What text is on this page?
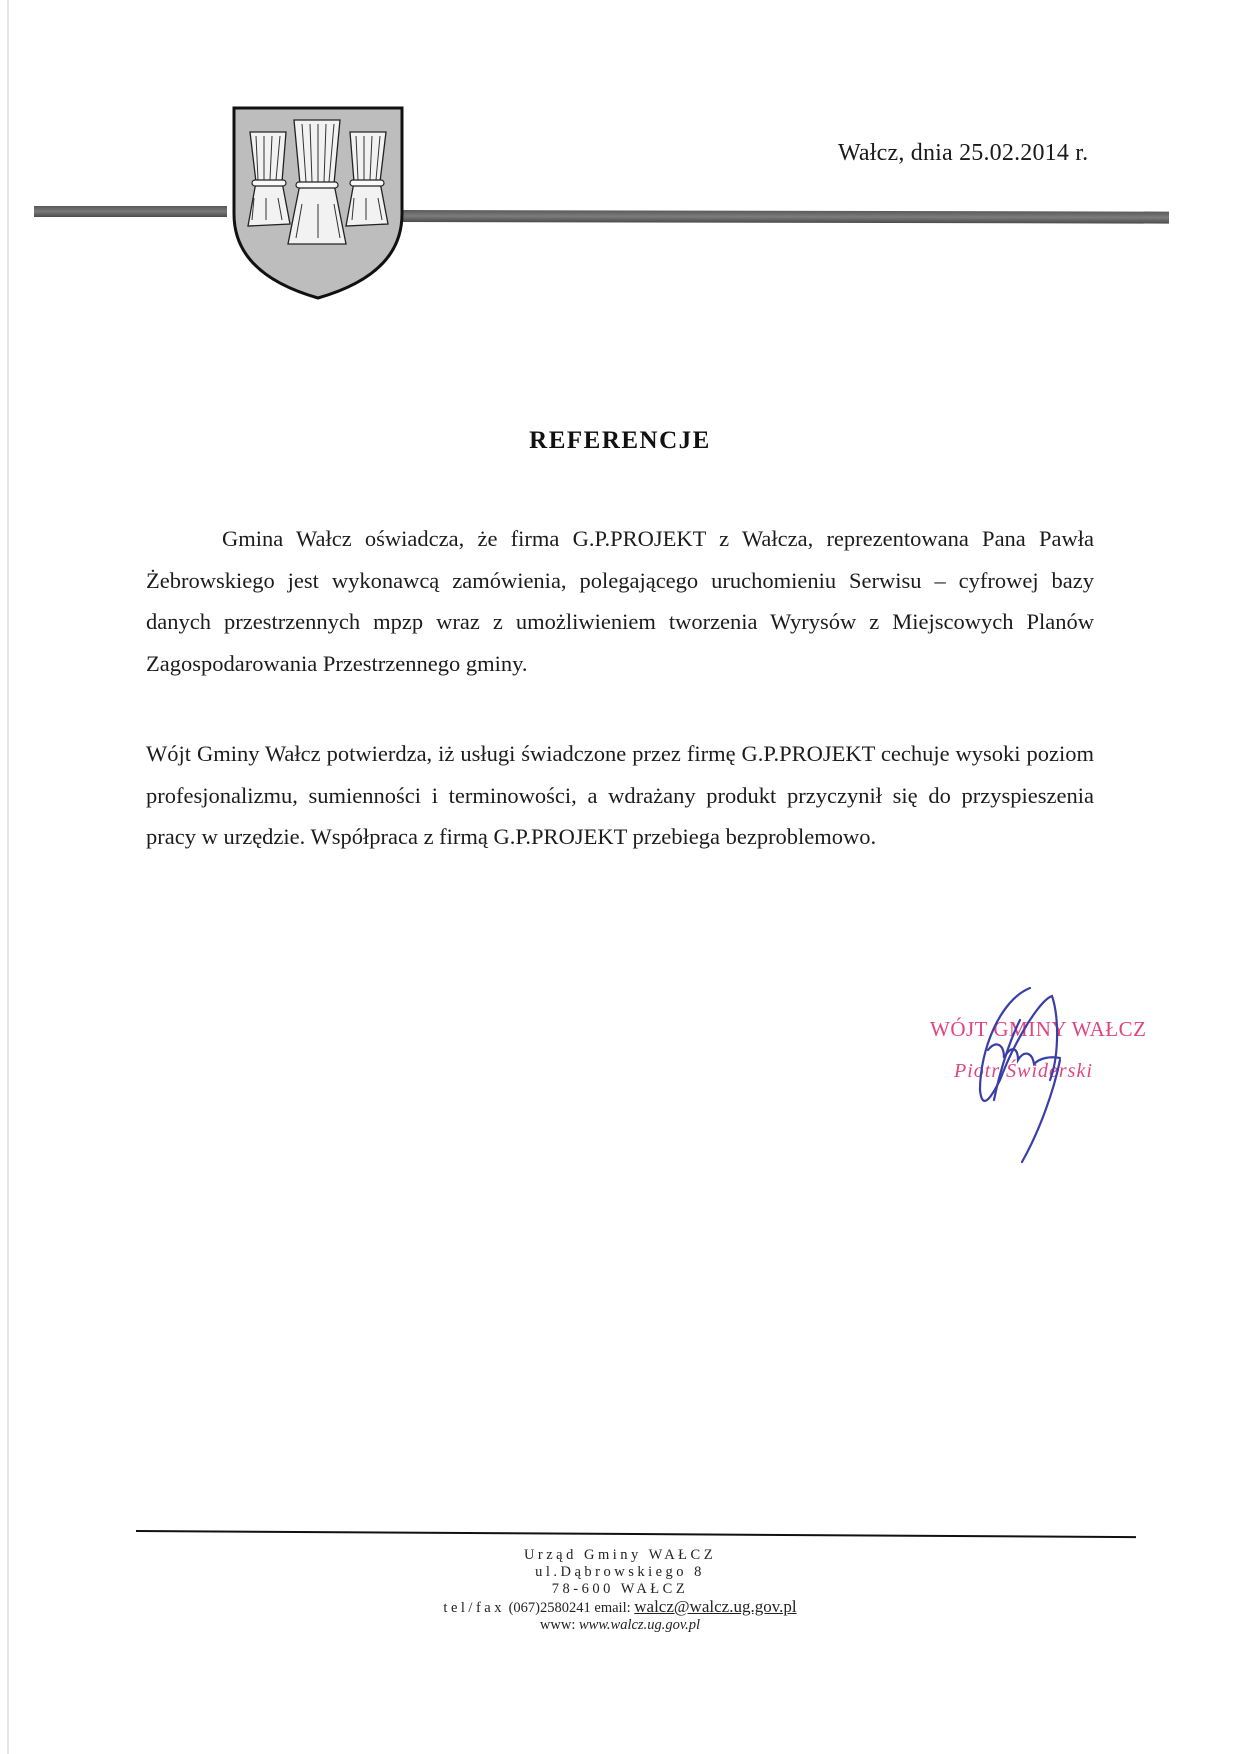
Wałcz, dnia 25.02.2014 r.
REFERENCJE

Gmina Wałcz oświadcza, że firma G.P.PROJEKT z Wałcza, reprezentowana Pana Pawła Żebrowskiego jest wykonawcą zamówienia, polegającego uruchomieniu Serwisu – cyfrowej bazy danych przestrzennych mpzp wraz z umożliwieniem tworzenia Wyrysów z Miejscowych Planów Zagospodarowania Przestrzennego gminy.

Wójt Gminy Wałcz potwierdza, iż usługi świadczone przez firmę G.P.PROJEKT cechuje wysoki poziom profesjonalizmu, sumienności i terminowości, a wdrażany produkt przyczynił się do przyspieszenia pracy w urzędzie. Współpraca z firmą G.P.PROJEKT przebiega bezproblemowo.

WÓJT GMINY WAŁCZ
Piotr Świderski
Urząd Gminy WAŁCZ
ul.Dąbrowskiego 8
78-600 WAŁCZ
tel/fax (067)2580241 email: walcz@walcz.ug.gov.pl
www: www.walcz.ug.gov.pl
